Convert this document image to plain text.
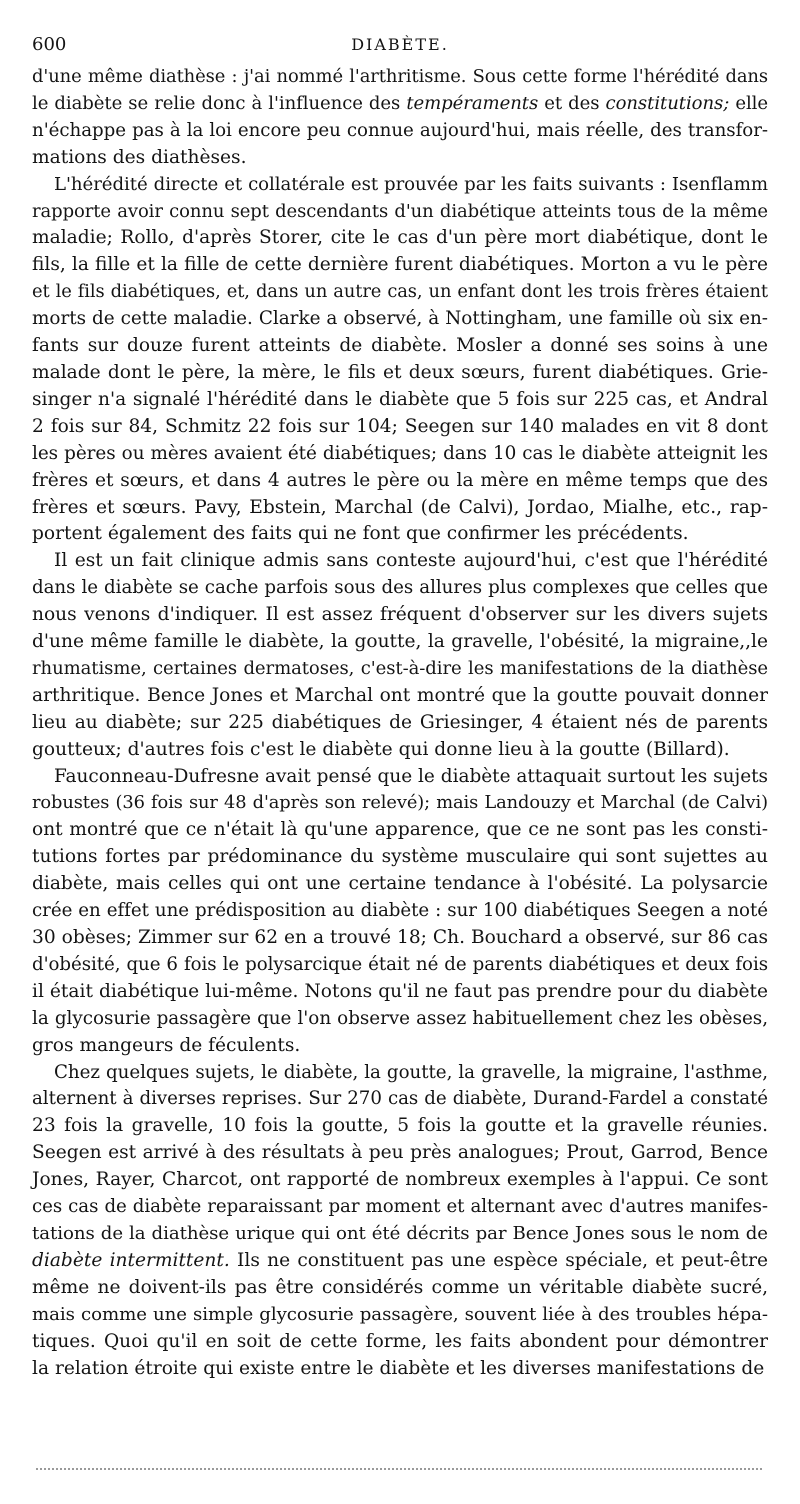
600	DIABÈTE.

d'une même diathèse : j'ai nommé l'arthritisme. Sous cette forme l'hérédité dans
le diabète se relie donc à l'influence des tempéraments et des constitutions; elle
n'échappe pas à la loi encore peu connue aujourd'hui, mais réelle, des transfor-
mations des diathèses.

L'hérédité directe et collatérale est prouvée par les faits suivants : Isenflamm
rapporte avoir connu sept descendants d'un diabétique atteints tous de la même
maladie; Rollo, d'après Storer, cite le cas d'un père mort diabétique, dont le
fils, la fille et la fille de cette dernière furent diabétiques. Morton a vu le père
et le fils diabétiques, et, dans un autre cas, un enfant dont les trois frères étaient
morts de cette maladie. Clarke a observé, à Nottingham, une famille où six en-
fants sur douze furent atteints de diabète. Mosler a donné ses soins à une
malade dont le père, la mère, le fils et deux sœurs, furent diabétiques. Grie-
singer n'a signalé l'hérédité dans le diabète que 5 fois sur 225 cas, et Andral
2 fois sur 84, Schmitz 22 fois sur 104; Seegen sur 140 malades en vit 8 dont
les pères ou mères avaient été diabétiques; dans 10 cas le diabète atteignit les
frères et sœurs, et dans 4 autres le père ou la mère en même temps que des
frères et sœurs. Pavy, Ebstein, Marchal (de Calvi), Jordao, Mialhe, etc., rap-
portent également des faits qui ne font que confirmer les précédents.

Il est un fait clinique admis sans conteste aujourd'hui, c'est que l'hérédité
dans le diabète se cache parfois sous des allures plus complexes que celles que
nous venons d'indiquer. Il est assez fréquent d'observer sur les divers sujets
d'une même famille le diabète, la goutte, la gravelle, l'obésité, la migraine,,le
rhumatisme, certaines dermatoses, c'est-à-dire les manifestations de la diathèse
arthritique. Bence Jones et Marchal ont montré que la goutte pouvait donner
lieu au diabète; sur 225 diabétiques de Griesinger, 4 étaient nés de parents
goutteux; d'autres fois c'est le diabète qui donne lieu à la goutte (Billard).

Fauconneau-Dufresne avait pensé que le diabète attaquait surtout les sujets
robustes (36 fois sur 48 d'après son relevé); mais Landouzy et Marchal (de Calvi)
ont montré que ce n'était là qu'une apparence, que ce ne sont pas les consti-
tutions fortes par prédominance du système musculaire qui sont sujettes au
diabète, mais celles qui ont une certaine tendance à l'obésité. La polysarcie
crée en effet une prédisposition au diabète : sur 100 diabétiques Seegen a noté
30 obèses; Zimmer sur 62 en a trouvé 18; Ch. Bouchard a observé, sur 86 cas
d'obésité, que 6 fois le polysarcique était né de parents diabétiques et deux fois
il était diabétique lui-même. Notons qu'il ne faut pas prendre pour du diabète
la glycosurie passagère que l'on observe assez habituellement chez les obèses,
gros mangeurs de féculents.

Chez quelques sujets, le diabète, la goutte, la gravelle, la migraine, l'asthme,
alternent à diverses reprises. Sur 270 cas de diabète, Durand-Fardel a constaté
23 fois la gravelle, 10 fois la goutte, 5 fois la goutte et la gravelle réunies.
Seegen est arrivé à des résultats à peu près analogues; Prout, Garrod, Bence
Jones, Rayer, Charcot, ont rapporté de nombreux exemples à l'appui. Ce sont
ces cas de diabète reparaissant par moment et alternant avec d'autres manifes-
tations de la diathèse urique qui ont été décrits par Bence Jones sous le nom de
diabète intermittent. Ils ne constituent pas une espèce spéciale, et peut-être
même ne doivent-ils pas être considérés comme un véritable diabète sucré,
mais comme une simple glycosurie passagère, souvent liée à des troubles hépa-
tiques. Quoi qu'il en soit de cette forme, les faits abondent pour démontrer
la relation étroite qui existe entre le diabète et les diverses manifestations de
